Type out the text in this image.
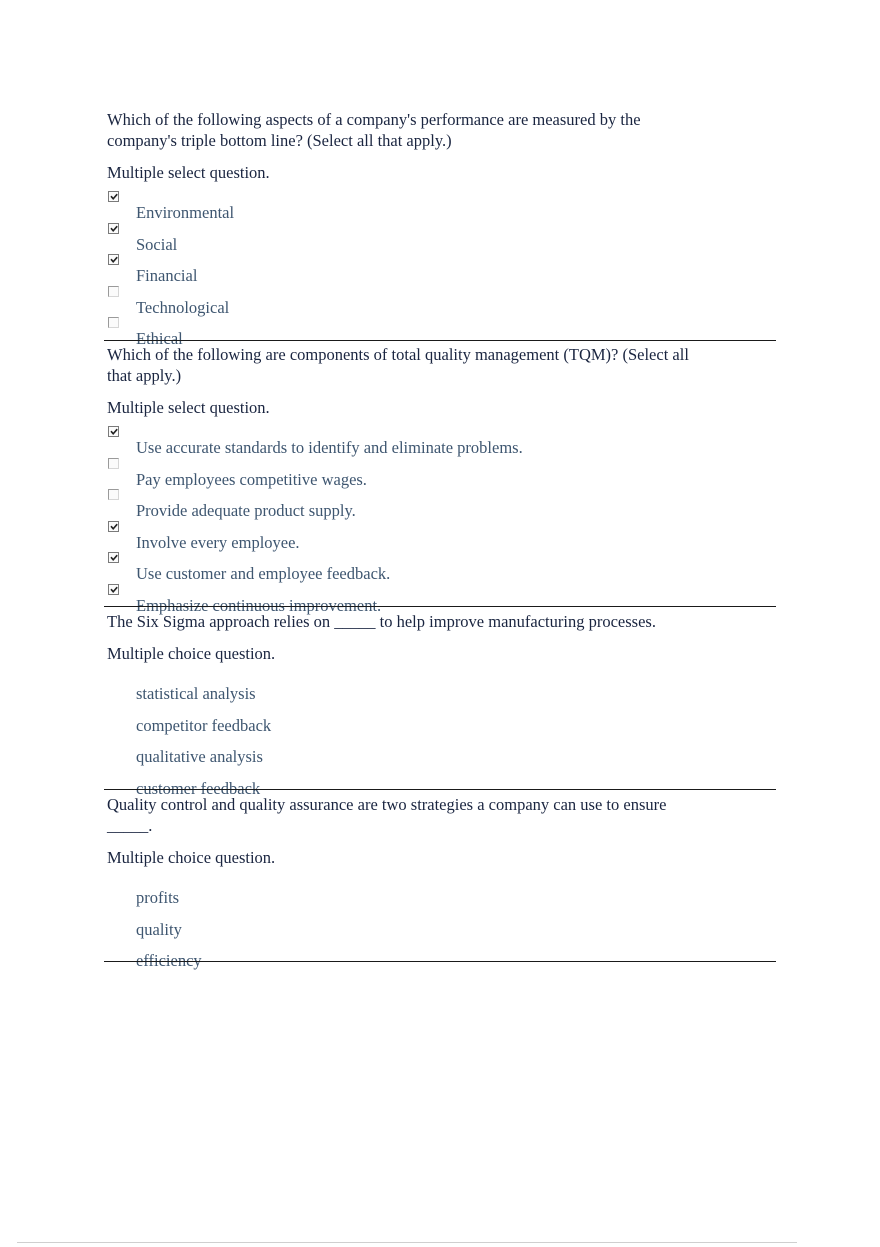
Which of the following aspects of a company's performance are measured by the company's triple bottom line? (Select all that apply.)
Multiple select question.
Environmental
Social
Financial
Technological
Ethical
Which of the following are components of total quality management (TQM)? (Select all that apply.)
Multiple select question.
Use accurate standards to identify and eliminate problems.
Pay employees competitive wages.
Provide adequate product supply.
Involve every employee.
Use customer and employee feedback.
Emphasize continuous improvement.
The Six Sigma approach relies on _____ to help improve manufacturing processes.
Multiple choice question.
statistical analysis
competitor feedback
qualitative analysis
customer feedback
Quality control and quality assurance are two strategies a company can use to ensure _____.
Multiple choice question.
profits
quality
efficiency
